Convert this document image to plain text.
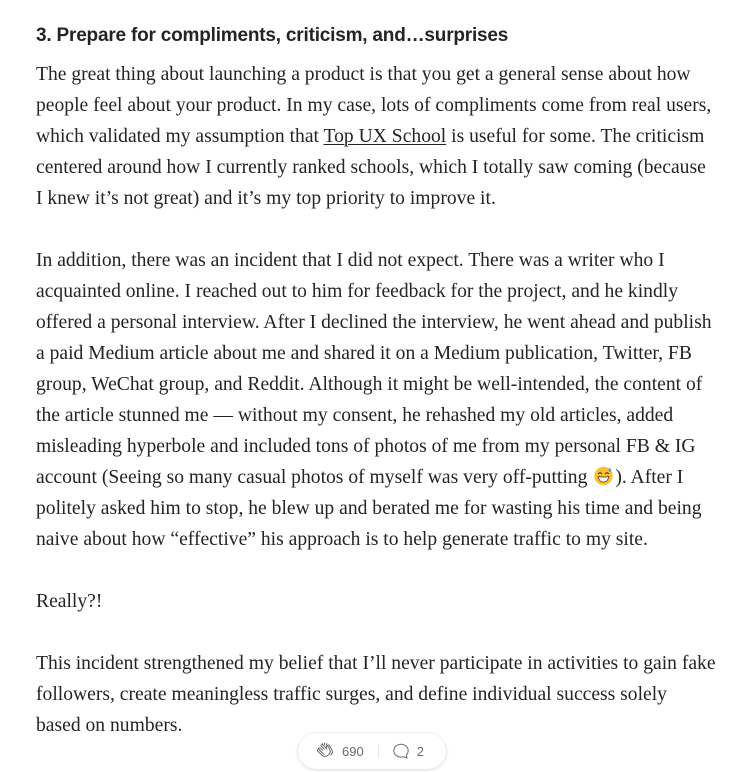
3. Prepare for compliments, criticism, and…surprises

The great thing about launching a product is that you get a general sense about how people feel about your product. In my case, lots of compliments come from real users, which validated my assumption that Top UX School is useful for some. The criticism centered around how I currently ranked schools, which I totally saw coming (because I knew it’s not great) and it’s my top priority to improve it.

In addition, there was an incident that I did not expect. There was a writer who I acquainted online. I reached out to him for feedback for the project, and he kindly offered a personal interview. After I declined the interview, he went ahead and publish a paid Medium article about me and shared it on a Medium publication, Twitter, FB group, WeChat group, and Reddit. Although it might be well-intended, the content of the article stunned me — without my consent, he rehashed my old articles, added misleading hyperbole and included tons of photos of me from my personal FB & IG account (Seeing so many casual photos of myself was very off-putting ). After I politely asked him to stop, he blew up and berated me for wasting his time and being naive about how “effective” his approach is to help generate traffic to my site.

Really?!

This incident strengthened my belief that I’ll never participate in activities to gain fake followers, create meaningless traffic surges, and define individual success solely based on numbers.

690	2
